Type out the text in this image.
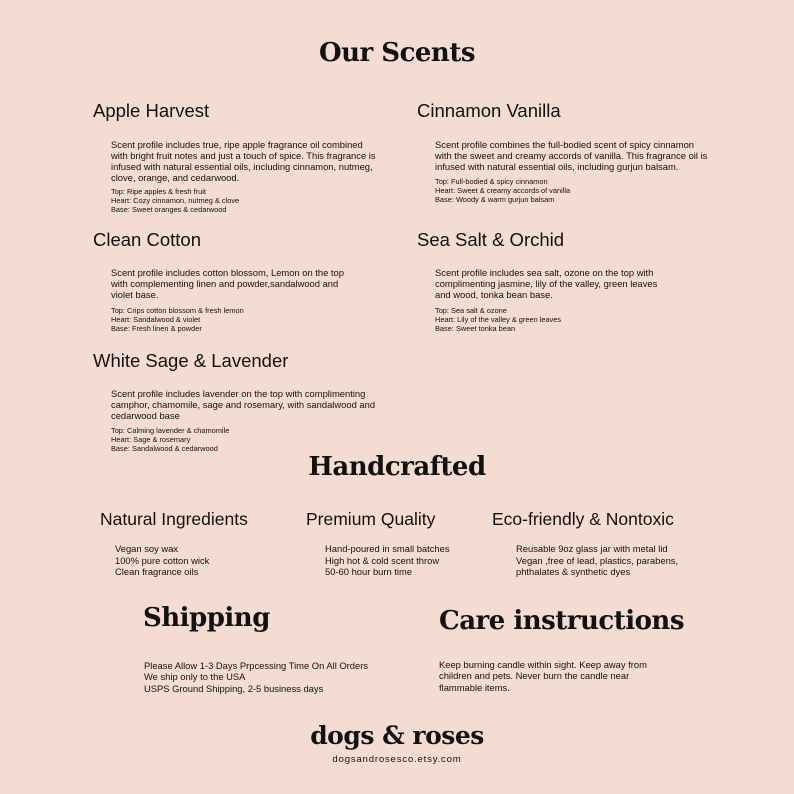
Our Scents
Apple Harvest
Scent profile includes true, ripe apple fragrance oil combined with bright fruit notes and just a touch of spice. This fragrance is infused with natural essential oils, including cinnamon, nutmeg, clove, orange, and cedarwood.
Top: Ripe apples & fresh fruit
Heart: Cozy cinnamon, nutmeg & clove
Base: Sweet oranges & cedarwood
Cinnamon Vanilla
Scent profile combines the full-bodied scent of spicy cinnamon with the sweet and creamy accords of vanilla. This fragrance oil is infused with natural essential oils, including gurjun balsam.
Top: Full-bodied & spicy cinnamon
Heart: Sweet & creamy accords of vanilla
Base: Woody & warm gurjun balsam
Clean Cotton
Scent profile includes cotton blossom, Lemon on the top with complementing linen and powder,sandalwood and violet base.
Top: Crips cotton blossom & fresh lemon
Heart: Sandalwood & violet
Base: Fresh linen & powder
Sea Salt & Orchid
Scent profile includes sea salt, ozone on the top with complimenting jasmine, lily of the valley, green leaves and wood, tonka bean base.
Top: Sea salt & ozone
Heart: Lily of the valley & green leaves
Base: Sweet tonka bean
White Sage & Lavender
Scent profile includes lavender on the top with complimenting camphor, chamomile, sage and rosemary, with sandalwood and cedarwood base
Top: Calming lavender & chamomile
Heart: Sage & rosemary
Base: Sandalwood & cedarwood
Handcrafted
Natural Ingredients
Vegan soy wax
100% pure cotton wick
Clean fragrance oils
Premium Quality
Hand-poured in small batches
High hot & cold scent throw
50-60 hour burn time
Eco-friendly & Nontoxic
Reusable 9oz glass jar with metal lid
Vegan ,free of lead, plastics, parabens,
phthalates & synthetic dyes
Shipping
Please Allow 1-3 Days Prpcessing Time On All Orders
We ship only to the USA
USPS Ground Shipping, 2-5 business days
Care instructions
Keep burning candle within sight. Keep away from children and pets. Never burn the candle near flammable items.
dogs & roses
dogsandrosesco.etsy.com
